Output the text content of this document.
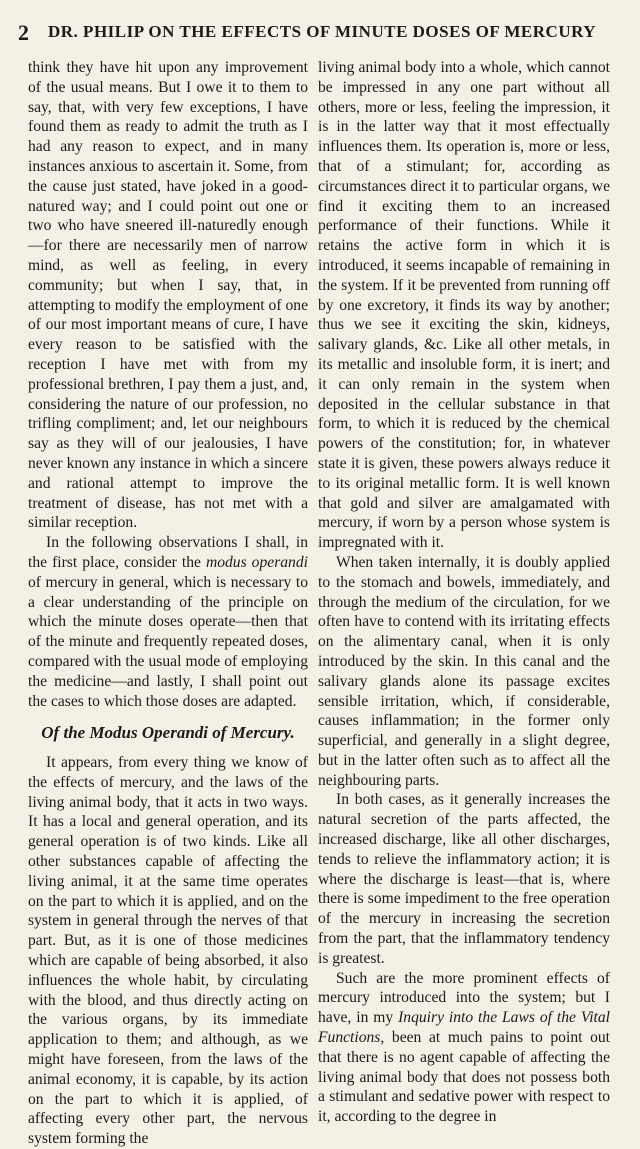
2 DR. PHILIP ON THE EFFECTS OF MINUTE DOSES OF MERCURY

think they have hit upon any improvement of the usual means. But I owe it to them to say, that, with very few exceptions, I have found them as ready to admit the truth as I had any reason to expect, and in many instances anxious to ascertain it. Some, from the cause just stated, have joked in a good-natured way; and I could point out one or two who have sneered ill-naturedly enough—for there are necessarily men of narrow mind, as well as feeling, in every community; but when I say, that, in attempting to modify the employment of one of our most important means of cure, I have every reason to be satisfied with the reception I have met with from my professional brethren, I pay them a just, and, considering the nature of our profession, no trifling compliment; and, let our neighbours say as they will of our jealousies, I have never known any instance in which a sincere and rational attempt to improve the treatment of disease, has not met with a similar reception.

In the following observations I shall, in the first place, consider the modus operandi of mercury in general, which is necessary to a clear understanding of the principle on which the minute doses operate—then that of the minute and frequently repeated doses, compared with the usual mode of employing the medicine—and lastly, I shall point out the cases to which those doses are adapted.

Of the Modus Operandi of Mercury.

It appears, from every thing we know of the effects of mercury, and the laws of the living animal body, that it acts in two ways. It has a local and general operation, and its general operation is of two kinds. Like all other substances capable of affecting the living animal, it at the same time operates on the part to which it is applied, and on the system in general through the nerves of that part. But, as it is one of those medicines which are capable of being absorbed, it also influences the whole habit, by circulating with the blood, and thus directly acting on the various organs, by its immediate application to them; and although, as we might have foreseen, from the laws of the animal economy, it is capable, by its action on the part to which it is applied, of affecting every other part, the nervous system forming the

living animal body into a whole, which cannot be impressed in any one part without all others, more or less, feeling the impression, it is in the latter way that it most effectually influences them. Its operation is, more or less, that of a stimulant; for, according as circumstances direct it to particular organs, we find it exciting them to an increased performance of their functions. While it retains the active form in which it is introduced, it seems incapable of remaining in the system. If it be prevented from running off by one excretory, it finds its way by another; thus we see it exciting the skin, kidneys, salivary glands, &c. Like all other metals, in its metallic and insoluble form, it is inert; and it can only remain in the system when deposited in the cellular substance in that form, to which it is reduced by the chemical powers of the constitution; for, in whatever state it is given, these powers always reduce it to its original metallic form. It is well known that gold and silver are amalgamated with mercury, if worn by a person whose system is impregnated with it.

When taken internally, it is doubly applied to the stomach and bowels, immediately, and through the medium of the circulation, for we often have to contend with its irritating effects on the alimentary canal, when it is only introduced by the skin. In this canal and the salivary glands alone its passage excites sensible irritation, which, if considerable, causes inflammation; in the former only superficial, and generally in a slight degree, but in the latter often such as to affect all the neighbouring parts.

In both cases, as it generally increases the natural secretion of the parts affected, the increased discharge, like all other discharges, tends to relieve the inflammatory action; it is where the discharge is least—that is, where there is some impediment to the free operation of the mercury in increasing the secretion from the part, that the inflammatory tendency is greatest.

Such are the more prominent effects of mercury introduced into the system; but I have, in my Inquiry into the Laws of the Vital Functions, been at much pains to point out that there is no agent capable of affecting the living animal body that does not possess both a stimulant and sedative power with respect to it, according to the degree in
